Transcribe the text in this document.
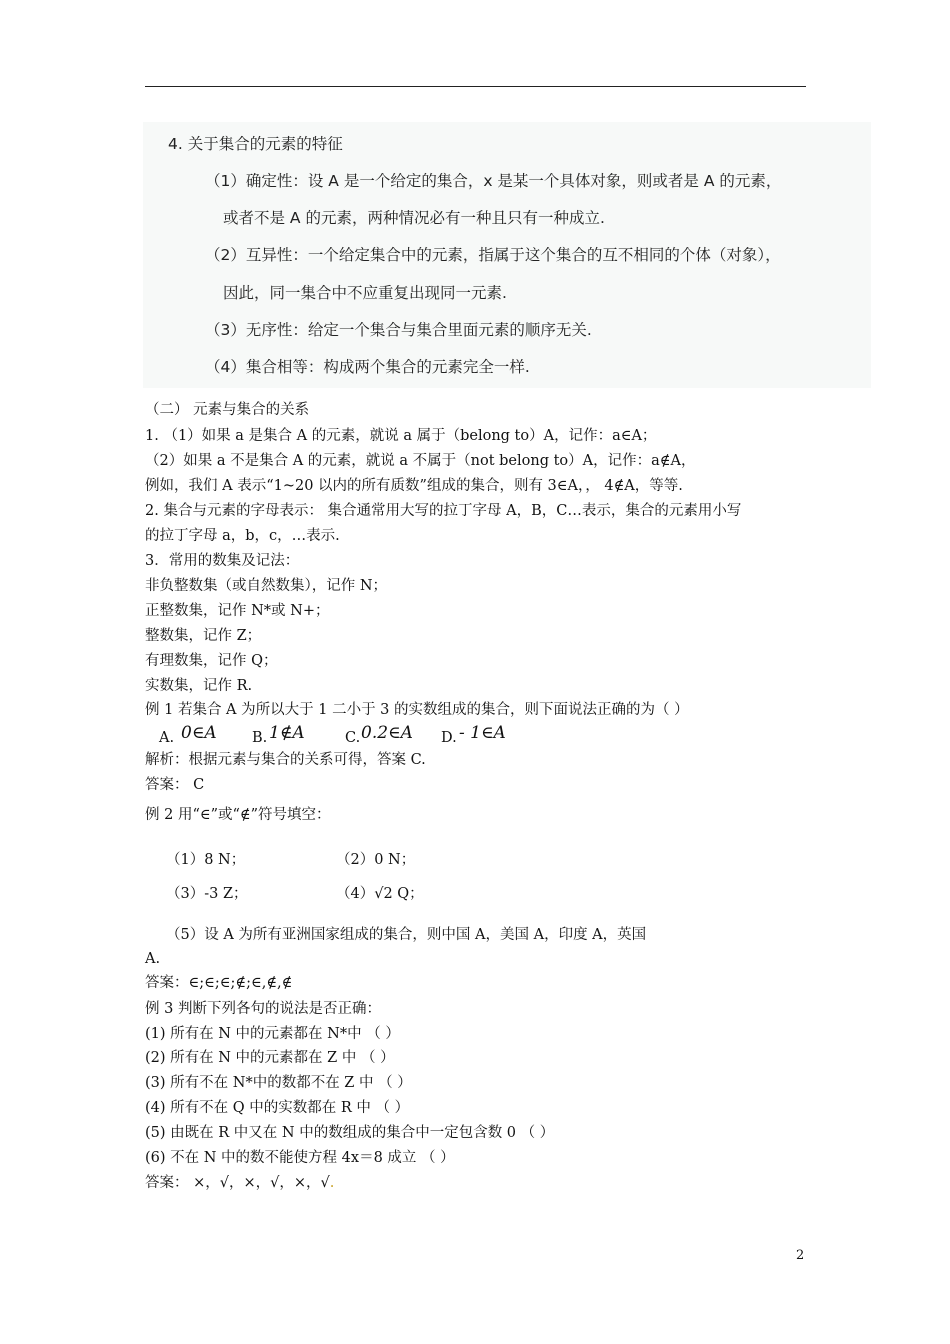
4. 关于集合的元素的特征
（1）确定性：设 A 是一个给定的集合，x 是某一个具体对象，则或者是 A 的元素，
或者不是 A 的元素，两种情况必有一种且只有一种成立.
（2）互异性：一个给定集合中的元素，指属于这个集合的互不相同的个体（对象），
因此，同一集合中不应重复出现同一元素.
（3）无序性：给定一个集合与集合里面元素的顺序无关.
（4）集合相等：构成两个集合的元素完全一样.
（二） 元素与集合的关系
1. （1）如果 a 是集合 A 的元素，就说 a 属于（belong to）A，记作：a∈A；
（2）如果 a 不是集合 A 的元素，就说 a 不属于（not belong to）A，记作：a∉A，
例如，我们 A 表示“1~20 以内的所有质数”组成的集合，则有 3∈A，， 4∉A，等等.
2. 集合与元素的字母表示： 集合通常用大写的拉丁字母 A，B，C…表示，集合的元素用小写
的拉丁字母 a，b，c，…表示.
3．常用的数集及记法：
非负整数集（或自然数集），记作 N；
正整数集，记作 N*或 N+；
整数集，记作 Z；
有理数集，记作 Q；
实数集，记作 R.
例 1 若集合 A 为所以大于 1 二小于 3 的实数组成的集合，则下面说法正确的为（ ）
A. 0∈A B. 1∉A	C. 0.2∈A D. - 1∈A
解析：根据元素与集合的关系可得，答案 C.
答案： C
例 2 用“∈”或“∉”符号填空：
（1）8 N；	（2）0 N；
（3）-3 Z；	（4）√2 Q；
（5）设 A 为所有亚洲国家组成的集合，则中国 A，美国 A，印度 A，英国
A.
答案：∈;∈;∈;∉;∈,∉,∉
例 3 判断下列各句的说法是否正确：
(1) 所有在 N 中的元素都在 N*中 （ ）
(2) 所有在 N 中的元素都在 Z 中 （ ）
(3) 所有不在 N*中的数都不在 Z 中 （ ）
(4) 所有不在 Q 中的实数都在 R 中 （ ）
(5) 由既在 R 中又在 N 中的数组成的集合中一定包含数 0 （ ）
(6) 不在 N 中的数不能使方程 4x＝8 成立 （ ）
答案： ×，√，×，√，×，√.
2
